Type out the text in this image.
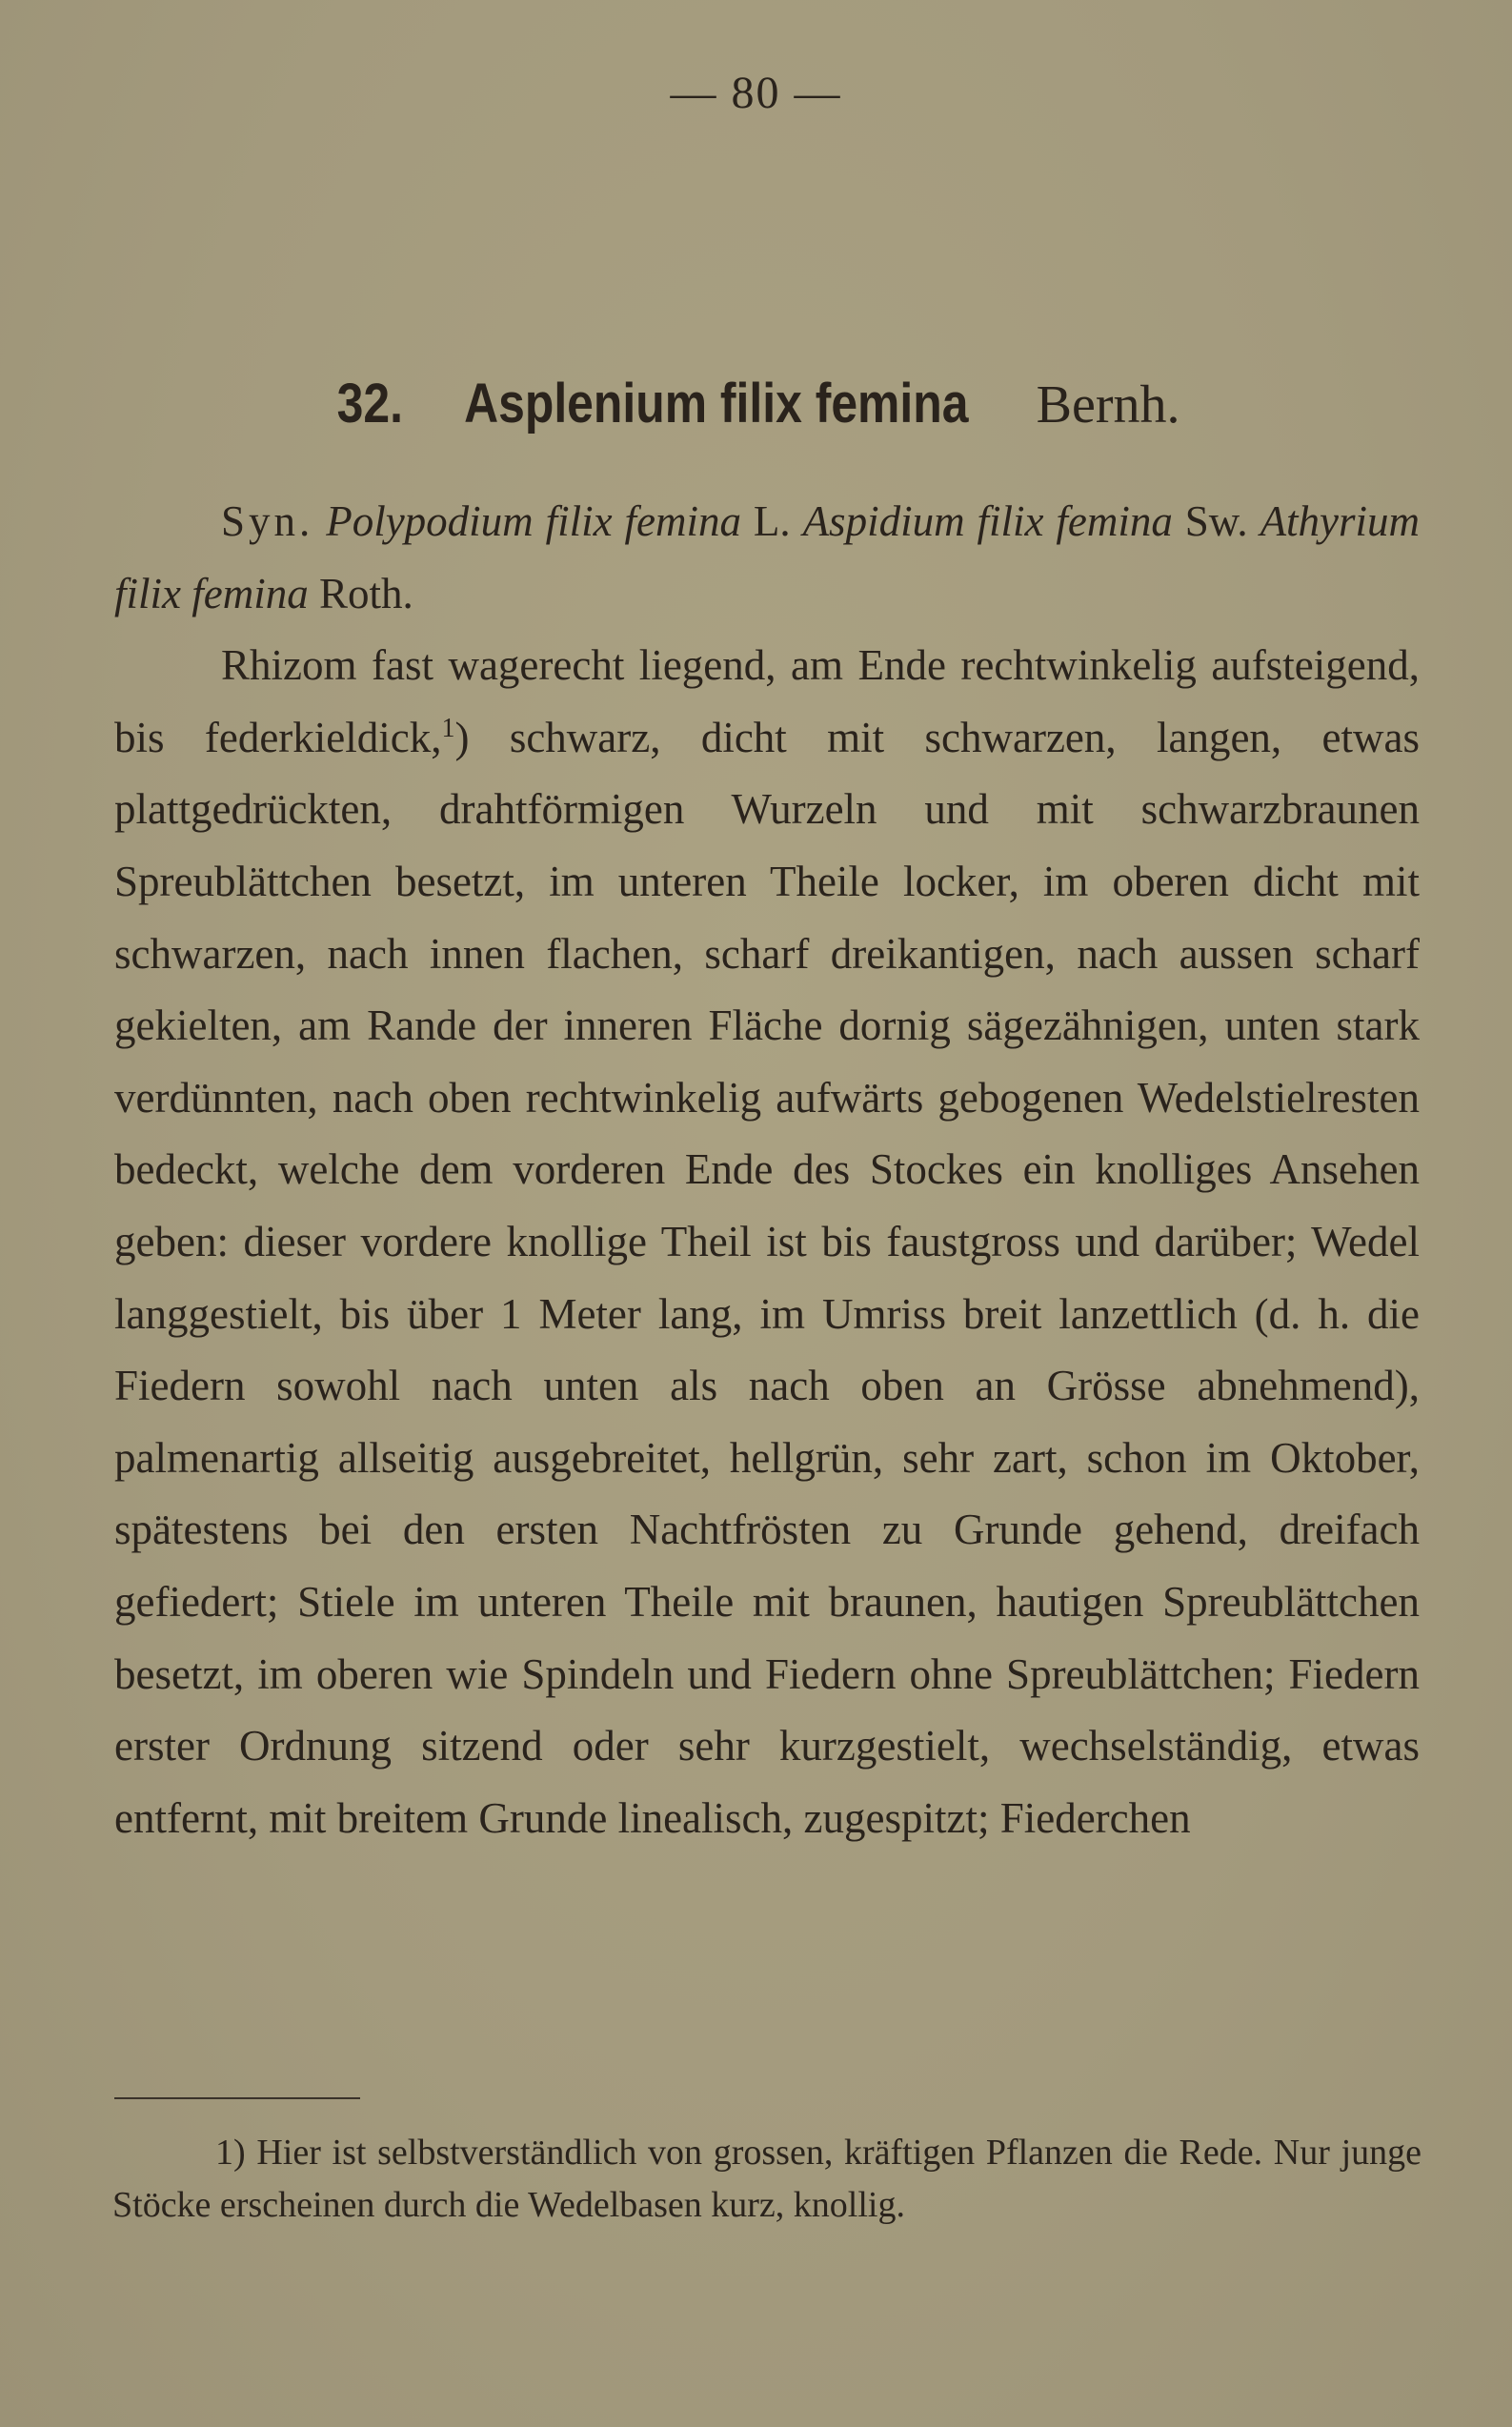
— 80 —
32. Asplenium filix femina Bernh.

Syn. Polypodium filix femina L. Aspidium filix femina Sw. Athyrium filix femina Roth.

Rhizom fast wagerecht liegend, am Ende rechtwinkelig aufsteigend, bis federkieldick,$^1$) schwarz, dicht mit schwarzen, langen, etwas plattgedrückten, drahtförmigen Wurzeln und mit schwarzbraunen Spreublättchen besetzt, im unteren Theile locker, im oberen dicht mit schwarzen, nach innen flachen, scharf dreikantigen, nach aussen scharf gekielten, am Rande der inneren Fläche dornig sägezähnigen, unten stark verdünnten, nach oben rechtwinkelig aufwärts gebogenen Wedelstielresten bedeckt, welche dem vorderen Ende des Stockes ein knolliges Ansehen geben: dieser vordere knollige Theil ist bis faustgross und darüber; Wedel langgestielt, bis über 1 Meter lang, im Umriss breit lanzettlich (d. h. die Fiedern sowohl nach unten als nach oben an Grösse abnehmend), palmenartig allseitig ausgebreitet, hellgrün, sehr zart, schon im Oktober, spätestens bei den ersten Nachtfrösten zu Grunde gehend, dreifach gefiedert; Stiele im unteren Theile mit braunen, hautigen Spreublättchen besetzt, im oberen wie Spindeln und Fiedern ohne Spreublättchen; Fiedern erster Ordnung sitzend oder sehr kurzgestielt, wechselständig, etwas entfernt, mit breitem Grunde linealisch, zugespitzt; Fiederchen

1) Hier ist selbstverständlich von grossen, kräftigen Pflanzen die Rede. Nur junge Stöcke erscheinen durch die Wedelbasen kurz, knollig.
